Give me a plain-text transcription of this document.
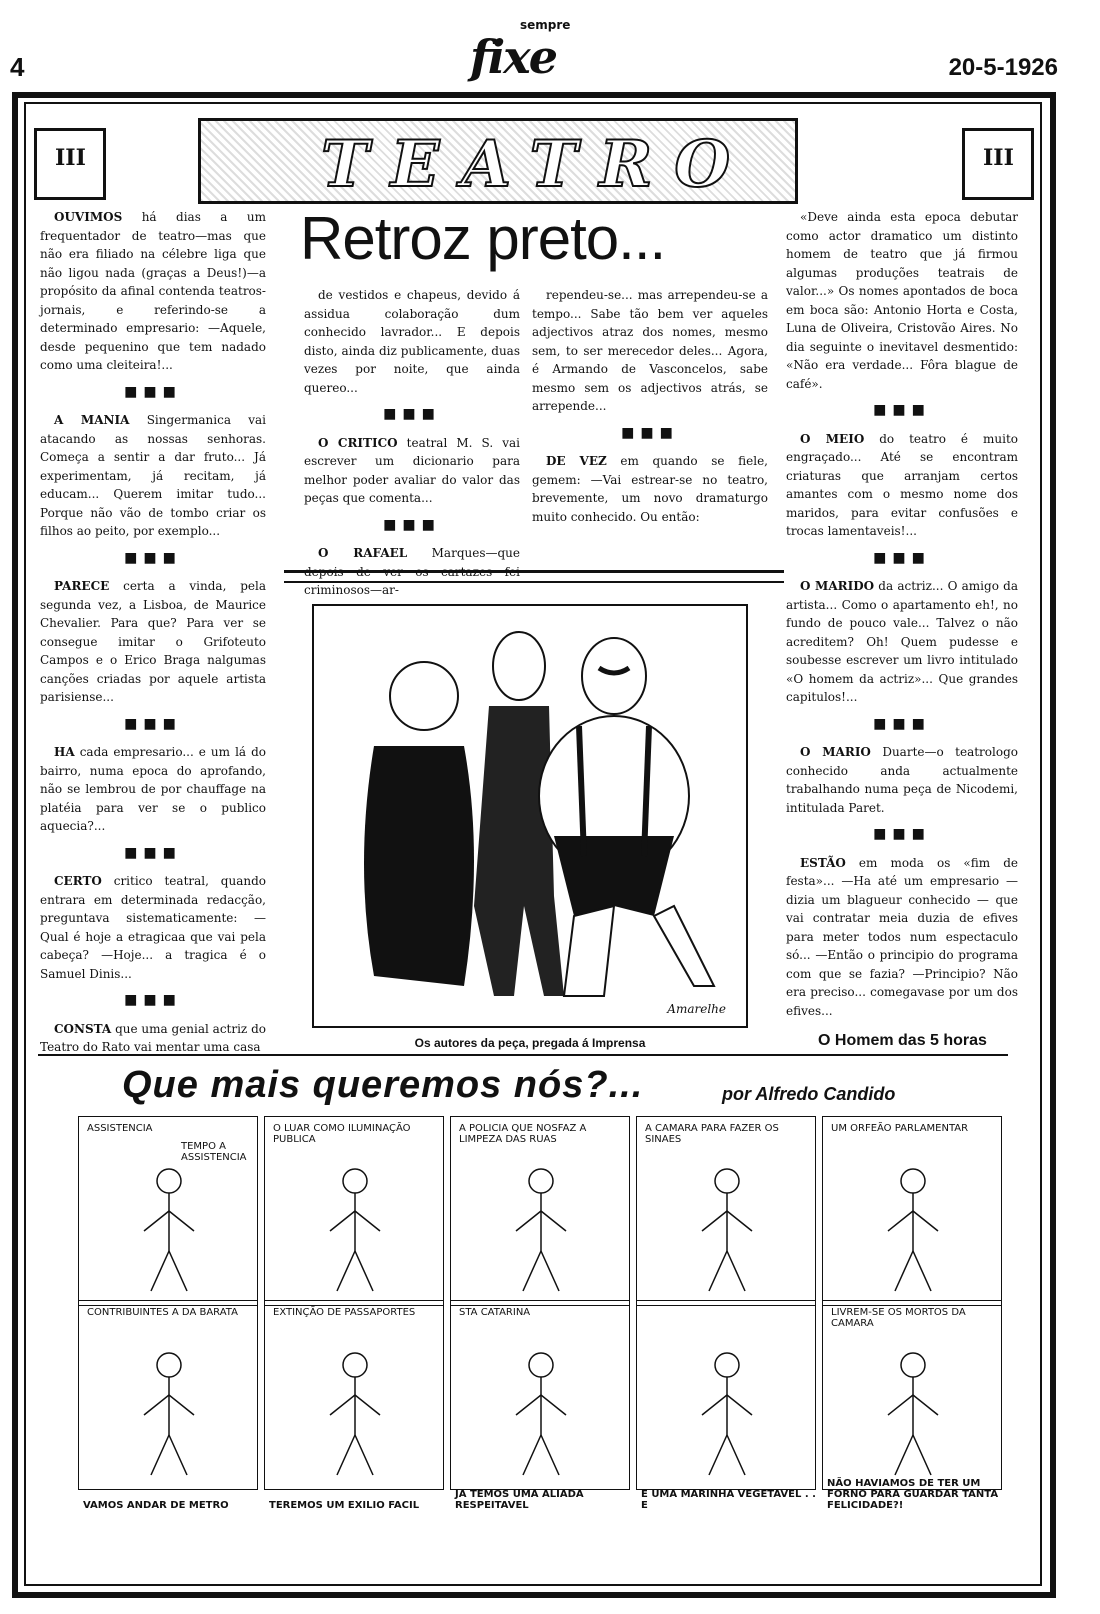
4
sempre
fixe	20-5-1926
III
III
TEATRO
Retroz preto...

OUVIMOS há dias a um frequentador de teatro—mas que não era filiado na célebre liga que não ligou nada (graças a Deus!)—a propósito da afinal contenda teatros-jornais, e referindo-se a determinado empresario: —Aquele, desde pequenino que tem nadado como uma cleiteira!...

■■■

A MANIA Singermanica vai atacando as nossas senhoras. Começa a sentir a dar fruto... Já experimentam, já recitam, já educam... Querem imitar tudo... Porque não vão de tombo criar os filhos ao peito, por exemplo...

■■■

PARECE certa a vinda, pela segunda vez, a Lisboa, de Maurice Chevalier. Para que? Para ver se consegue imitar o Grifoteuto Campos e o Erico Braga nalgumas canções criadas por aquele artista parisiense...

■■■

HA cada empresario... e um lá do bairro, numa epoca do aprofando, não se lembrou de por chauffage na platéia para ver se o publico aquecia?...

■■■

CERTO critico teatral, quando entrara em determinada redacção, preguntava sistematicamente: —Qual é hoje a etragicaa que vai pela cabeça? —Hoje... a tragica é o Samuel Dinis...

■■■

CONSTA que uma genial actriz do Teatro do Rato vai mentar uma casa

de vestidos e chapeus, devido á assidua colaboração dum conhecido lavrador... E depois disto, ainda diz publicamente, duas vezes por noite, que ainda quereo...

■■■

O CRITICO teatral M. S. vai escrever um dicionario para melhor poder avaliar do valor das peças que comenta...

■■■

O RAFAEL Marques—que depois de ver os cartazes fei criminosos—ar-

rependeu-se... mas arrependeu-se a tempo... Sabe tão bem ver aqueles adjectivos atraz dos nomes, mesmo sem, to ser merecedor deles... Agora, é Armando de Vasconcelos, sabe mesmo sem os adjectivos atrás, se arrepende...

■■■

DE VEZ em quando se fiele, gemem: —Vai estrear-se no teatro, brevemente, um novo dramaturgo muito conhecido. Ou então:

«Deve ainda esta epoca debutar como actor dramatico um distinto homem de teatro que já firmou algumas produções teatrais de valor...» Os nomes apontados de boca em boca são: Antonio Horta e Costa, Luna de Oliveira, Cristovão Aires. No dia seguinte o inevitavel desmentido: «Não era verdade... Fôra blague de café».

■■■

O MEIO do teatro é muito engraçado... Até se encontram criaturas que arranjam certos amantes com o mesmo nome dos maridos, para evitar confusões e trocas lamentaveis!...

■■■

O MARIDO da actriz... O amigo da artista... Como o apartamento eh!, no fundo de pouco vale... Talvez o não acreditem? Oh! Quem pudesse e soubesse escrever um livro intitulado «O homem da actriz»... Que grandes capitulos!...

■■■

O MARIO Duarte—o teatrologo conhecido anda actualmente trabalhando numa peça de Nicodemi, intitulada Paret.

■■■

ESTÃO em moda os «fim de festa»... —Ha até um empresario — dizia um blagueur conhecido — que vai contratar meia duzia de efives para meter todos num espectaculo só... —Então o principio do programa com que se fazia? —Principio? Não era preciso... comegavase por um dos efives...

Amarelhe
Os autores da peça, pregada á Imprensa	O Homem das 5 horas
Que mais queremos nós?...	por Alfredo Candido
ASSISTENCIA
TEMPO A ASSISTENCIA
O LUAR COMO ILUMINAÇÃO PUBLICA
A POLICIA QUE NOSFAZ A LIMPEZA DAS RUAS
A CAMARA PARA FAZER OS SINAES
UM ORFEÃO PARLAMENTAR
CONTRIBUINTES A DA BARATA
VAMOS ANDAR DE METRO
EXTINÇÃO DE PASSAPORTES
TEREMOS UM EXILIO FACIL
STA CATARINA
JA TEMOS UMA ALIADA RESPEITAVEL
E UMA MARINHA VEGETAVEL . . E
LIVREM-SE OS MORTOS DA CAMARA
NÃO HAVIAMOS DE TER UM FORNO PARA GUARDAR TANTA FELICIDADE?!
